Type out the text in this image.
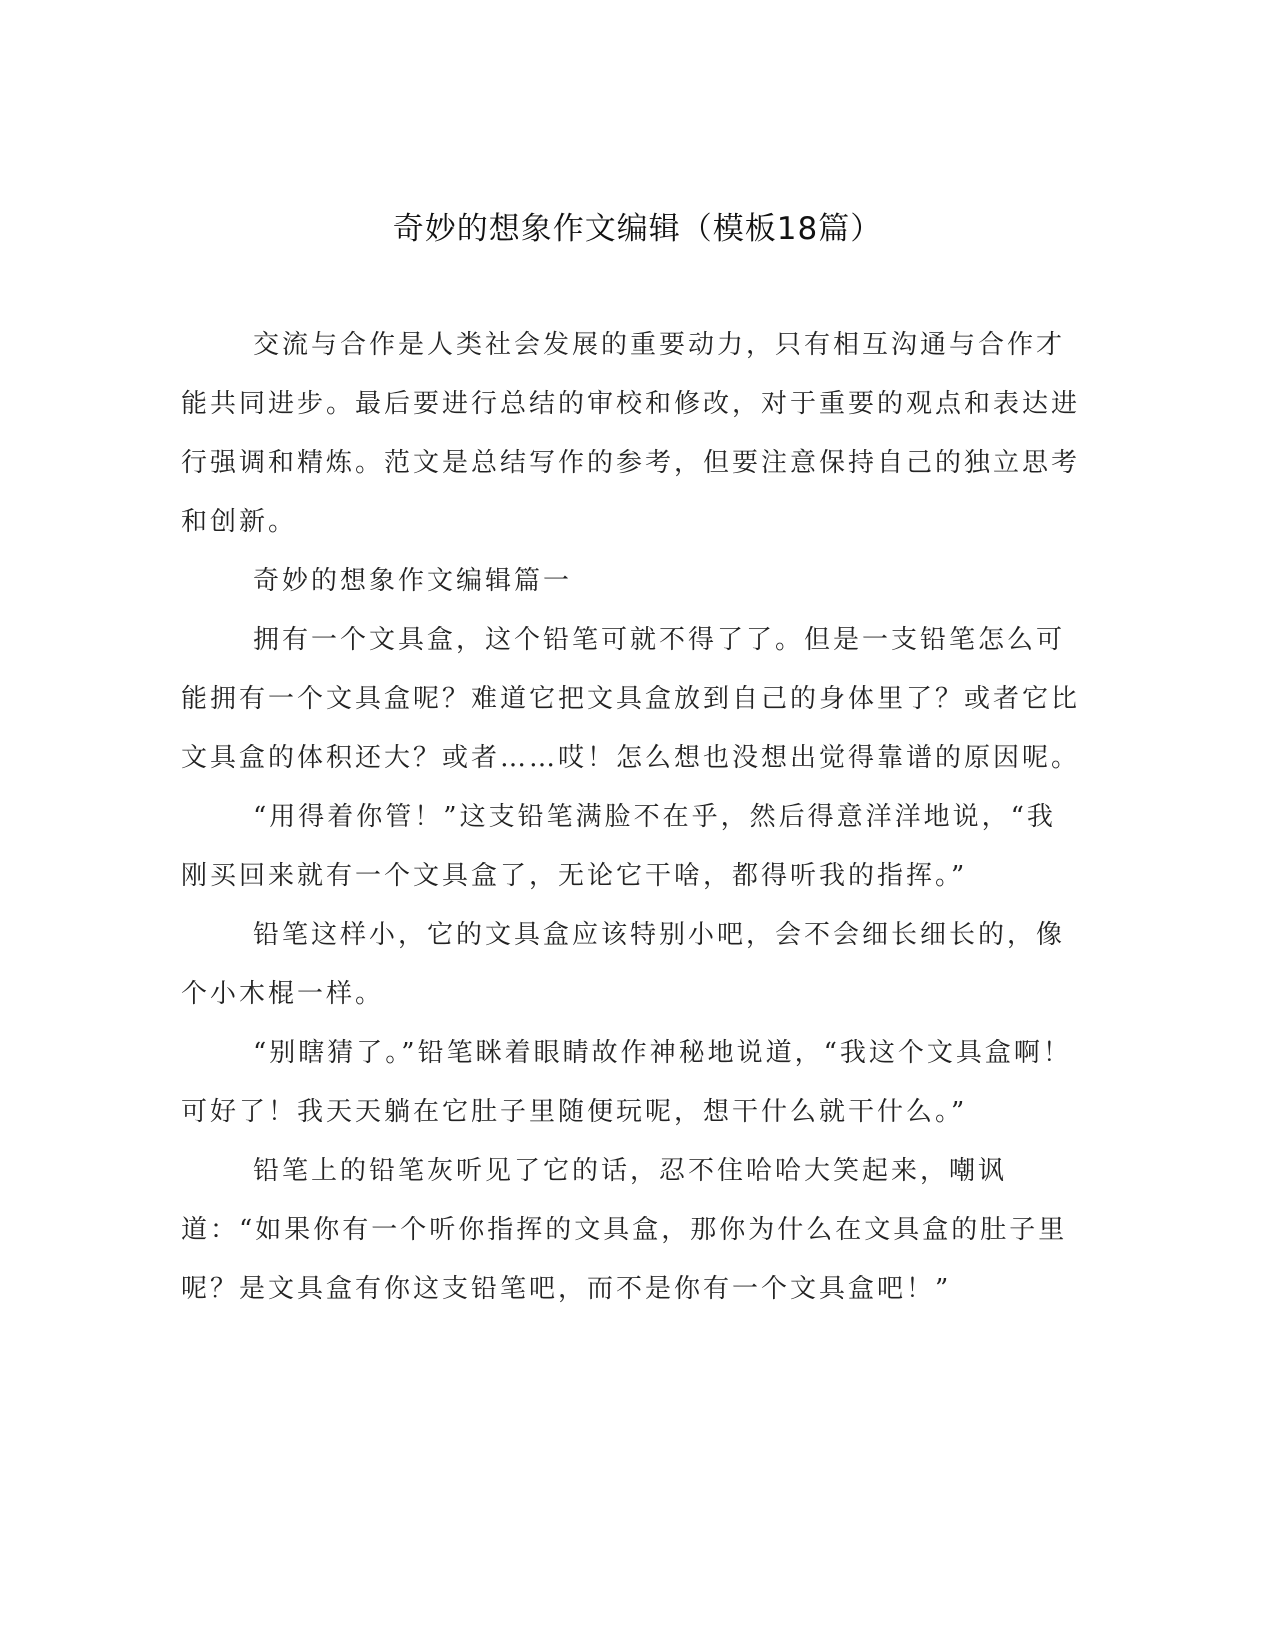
奇妙的想象作文编辑（模板18篇）

交流与合作是人类社会发展的重要动力，只有相互沟通与合作才能共同进步。最后要进行总结的审校和修改，对于重要的观点和表达进行强调和精炼。范文是总结写作的参考，但要注意保持自己的独立思考和创新。

奇妙的想象作文编辑篇一

拥有一个文具盒，这个铅笔可就不得了了。但是一支铅笔怎么可能拥有一个文具盒呢？难道它把文具盒放到自己的身体里了？或者它比文具盒的体积还大？或者……哎！怎么想也没想出觉得靠谱的原因呢。

“用得着你管！”这支铅笔满脸不在乎，然后得意洋洋地说，“我刚买回来就有一个文具盒了，无论它干啥，都得听我的指挥。”

铅笔这样小，它的文具盒应该特别小吧，会不会细长细长的，像个小木棍一样。

“别瞎猜了。”铅笔眯着眼睛故作神秘地说道，“我这个文具盒啊！可好了！我天天躺在它肚子里随便玩呢，想干什么就干什么。”

铅笔上的铅笔灰听见了它的话，忍不住哈哈大笑起来，嘲讽道：“如果你有一个听你指挥的文具盒，那你为什么在文具盒的肚子里呢？是文具盒有你这支铅笔吧，而不是你有一个文具盒吧！”
